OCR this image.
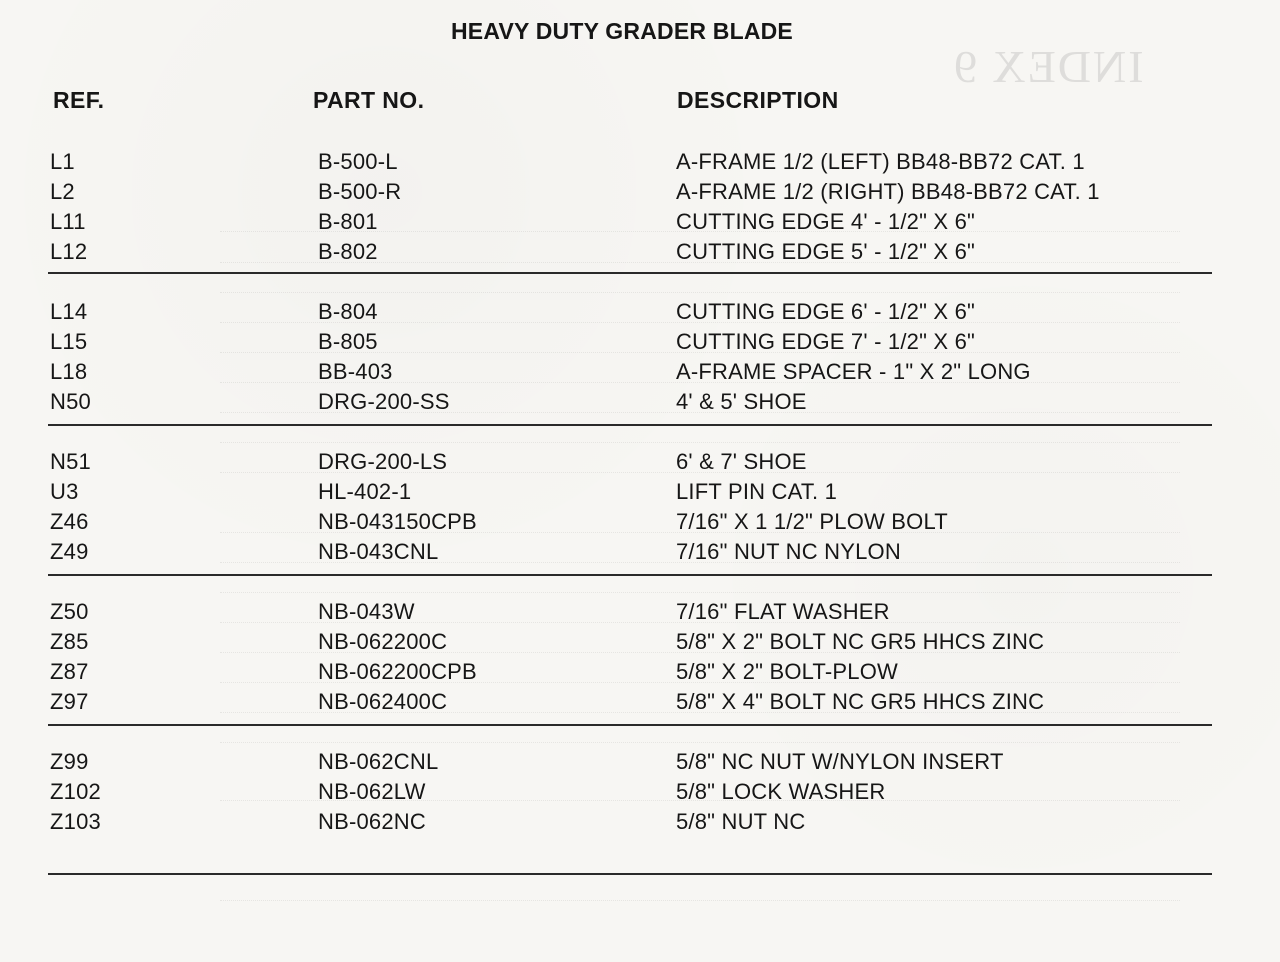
INDEX 9
HEAVY DUTY GRADER BLADE
REF.	PART NO.	DESCRIPTION
L1	B-500-L	A-FRAME 1/2 (LEFT) BB48-BB72 CAT. 1
L2	B-500-R	A-FRAME 1/2 (RIGHT) BB48-BB72 CAT. 1
L11	B-801	CUTTING EDGE 4' - 1/2" X 6"
L12	B-802	CUTTING EDGE 5' - 1/2" X 6"
L14	B-804	CUTTING EDGE 6' - 1/2" X 6"
L15	B-805	CUTTING EDGE 7' - 1/2" X 6"
L18	BB-403	A-FRAME SPACER - 1" X 2" LONG
N50	DRG-200-SS	4' & 5' SHOE
N51	DRG-200-LS	6' & 7' SHOE
U3	HL-402-1	LIFT PIN CAT. 1
Z46	NB-043150CPB	7/16" X 1 1/2" PLOW BOLT
Z49	NB-043CNL	7/16" NUT NC NYLON
Z50	NB-043W	7/16" FLAT WASHER
Z85	NB-062200C	5/8" X 2" BOLT NC GR5 HHCS ZINC
Z87	NB-062200CPB	5/8" X 2" BOLT-PLOW
Z97	NB-062400C	5/8" X 4" BOLT NC GR5 HHCS ZINC
Z99	NB-062CNL	5/8" NC NUT W/NYLON INSERT
Z102	NB-062LW	5/8" LOCK WASHER
Z103	NB-062NC	5/8" NUT NC
